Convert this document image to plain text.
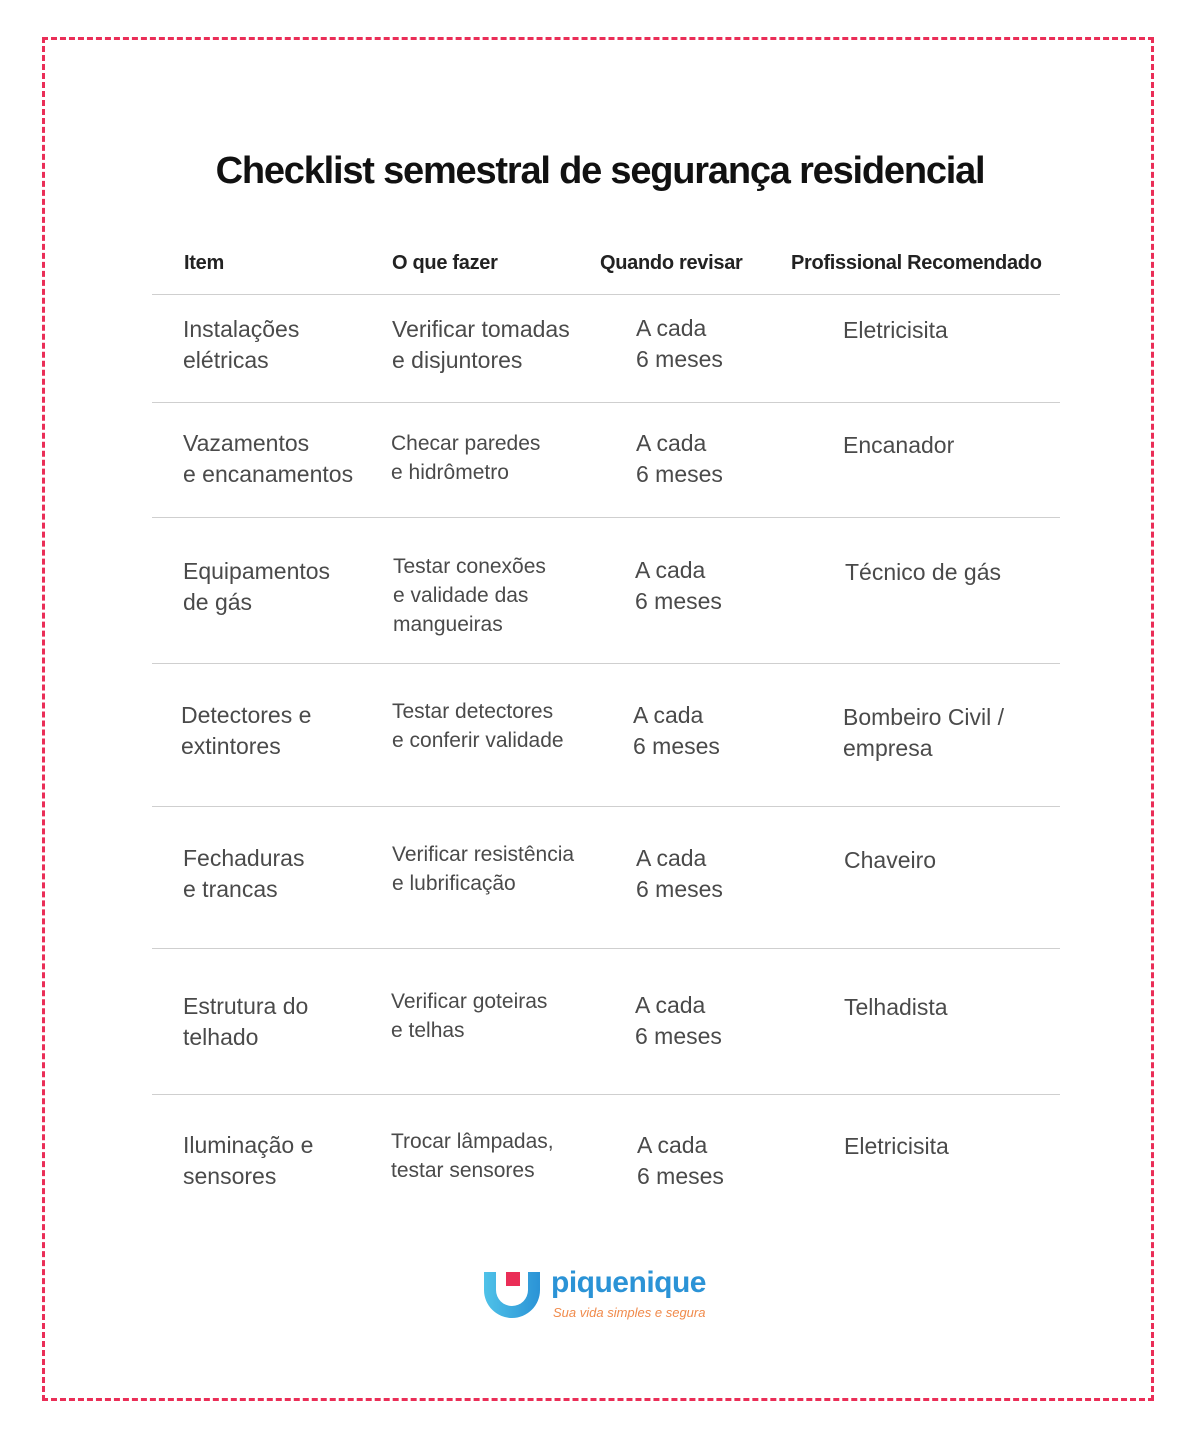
Checklist semestral de segurança residencial
Item	O que fazer	Quando revisar Profissional Recomendado
Instalações
elétricas
Verificar tomadas
e disjuntores
A cada
6 meses
Eletricisita
Vazamentos
e encanamentos
Checar paredes
e hidrômetro
A cada
6 meses
Encanador
Equipamentos
de gás
Testar conexões
e validade das
mangueiras
A cada
6 meses
Técnico de gás
Detectores e
extintores
Testar detectores
e conferir validade
A cada
6 meses
Bombeiro Civil /
empresa
Fechaduras
e trancas
Verificar resistência
e lubrificação
A cada
6 meses
Chaveiro
Estrutura do
telhado
Verificar goteiras
e telhas
A cada
6 meses
Telhadista
Iluminação e
sensores
Trocar lâmpadas,
testar sensores
A cada
6 meses
Eletricisita
piquenique
Sua vida simples e segura
